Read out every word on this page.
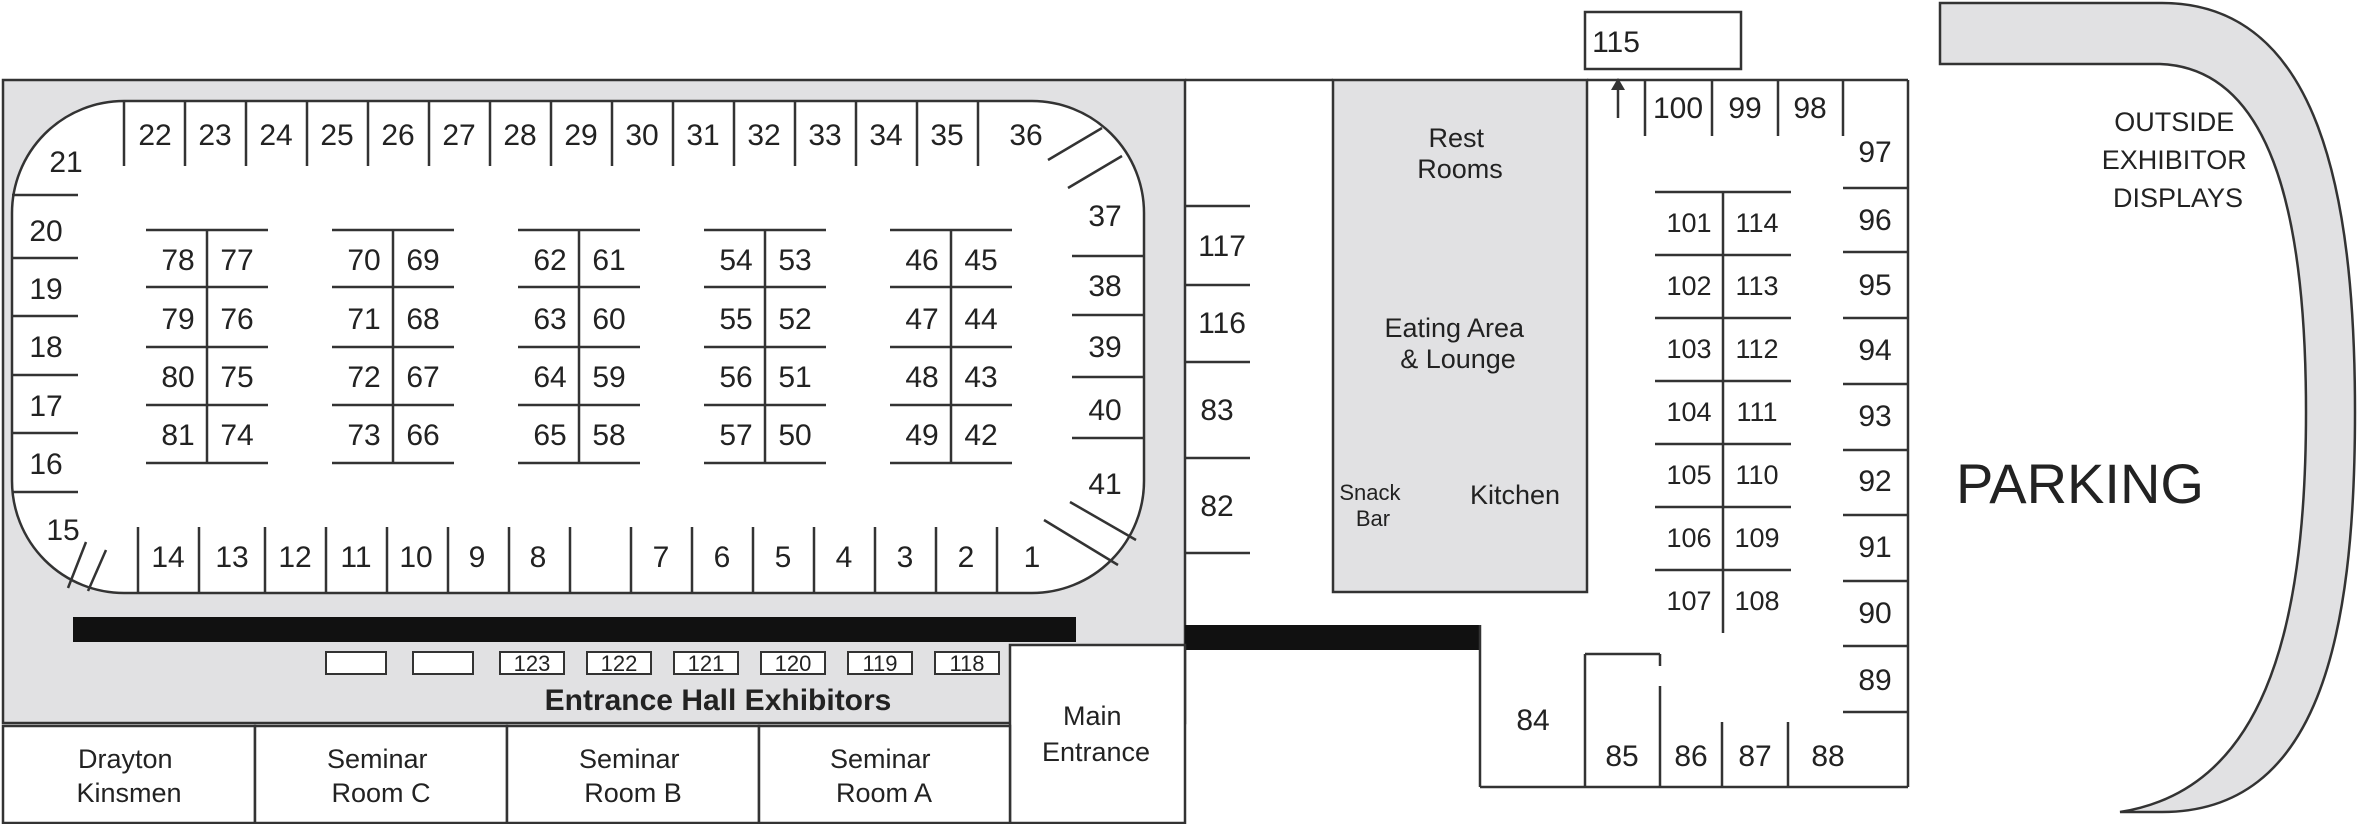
22 23 24 25 26 27 28 29 30 31 32 33 34 35 36
14 13 12 11 10 9 8	7 6 5 4 3 2 1
21
20
19
18
17
16
15
37
38
39
40
41
78 77
79 76
80 75
81 74
70 69
71 68
72 67
73 66
62 61
63 60
64 59
65 58
54 53
55 52
56 51
57 50
46 45
47 44
48 43
49 42
117
116
83
82
123 122 121 120 119 118
115
100 99 98
97
96
95
94
93
92
91
90
89
101 114
102 113
103 112
104 111
105 110
106 109
107 108
84
85 86 87 88
Rest Rooms
Eating Area & Lounge
Snack Bar
Kitchen
Main Entrance
Entrance Hall Exhibitors
Drayton Kinsmen
Seminar Room C
Seminar Room B
Seminar Room A
OUTSIDE EXHIBITOR DISPLAYS
PARKING
